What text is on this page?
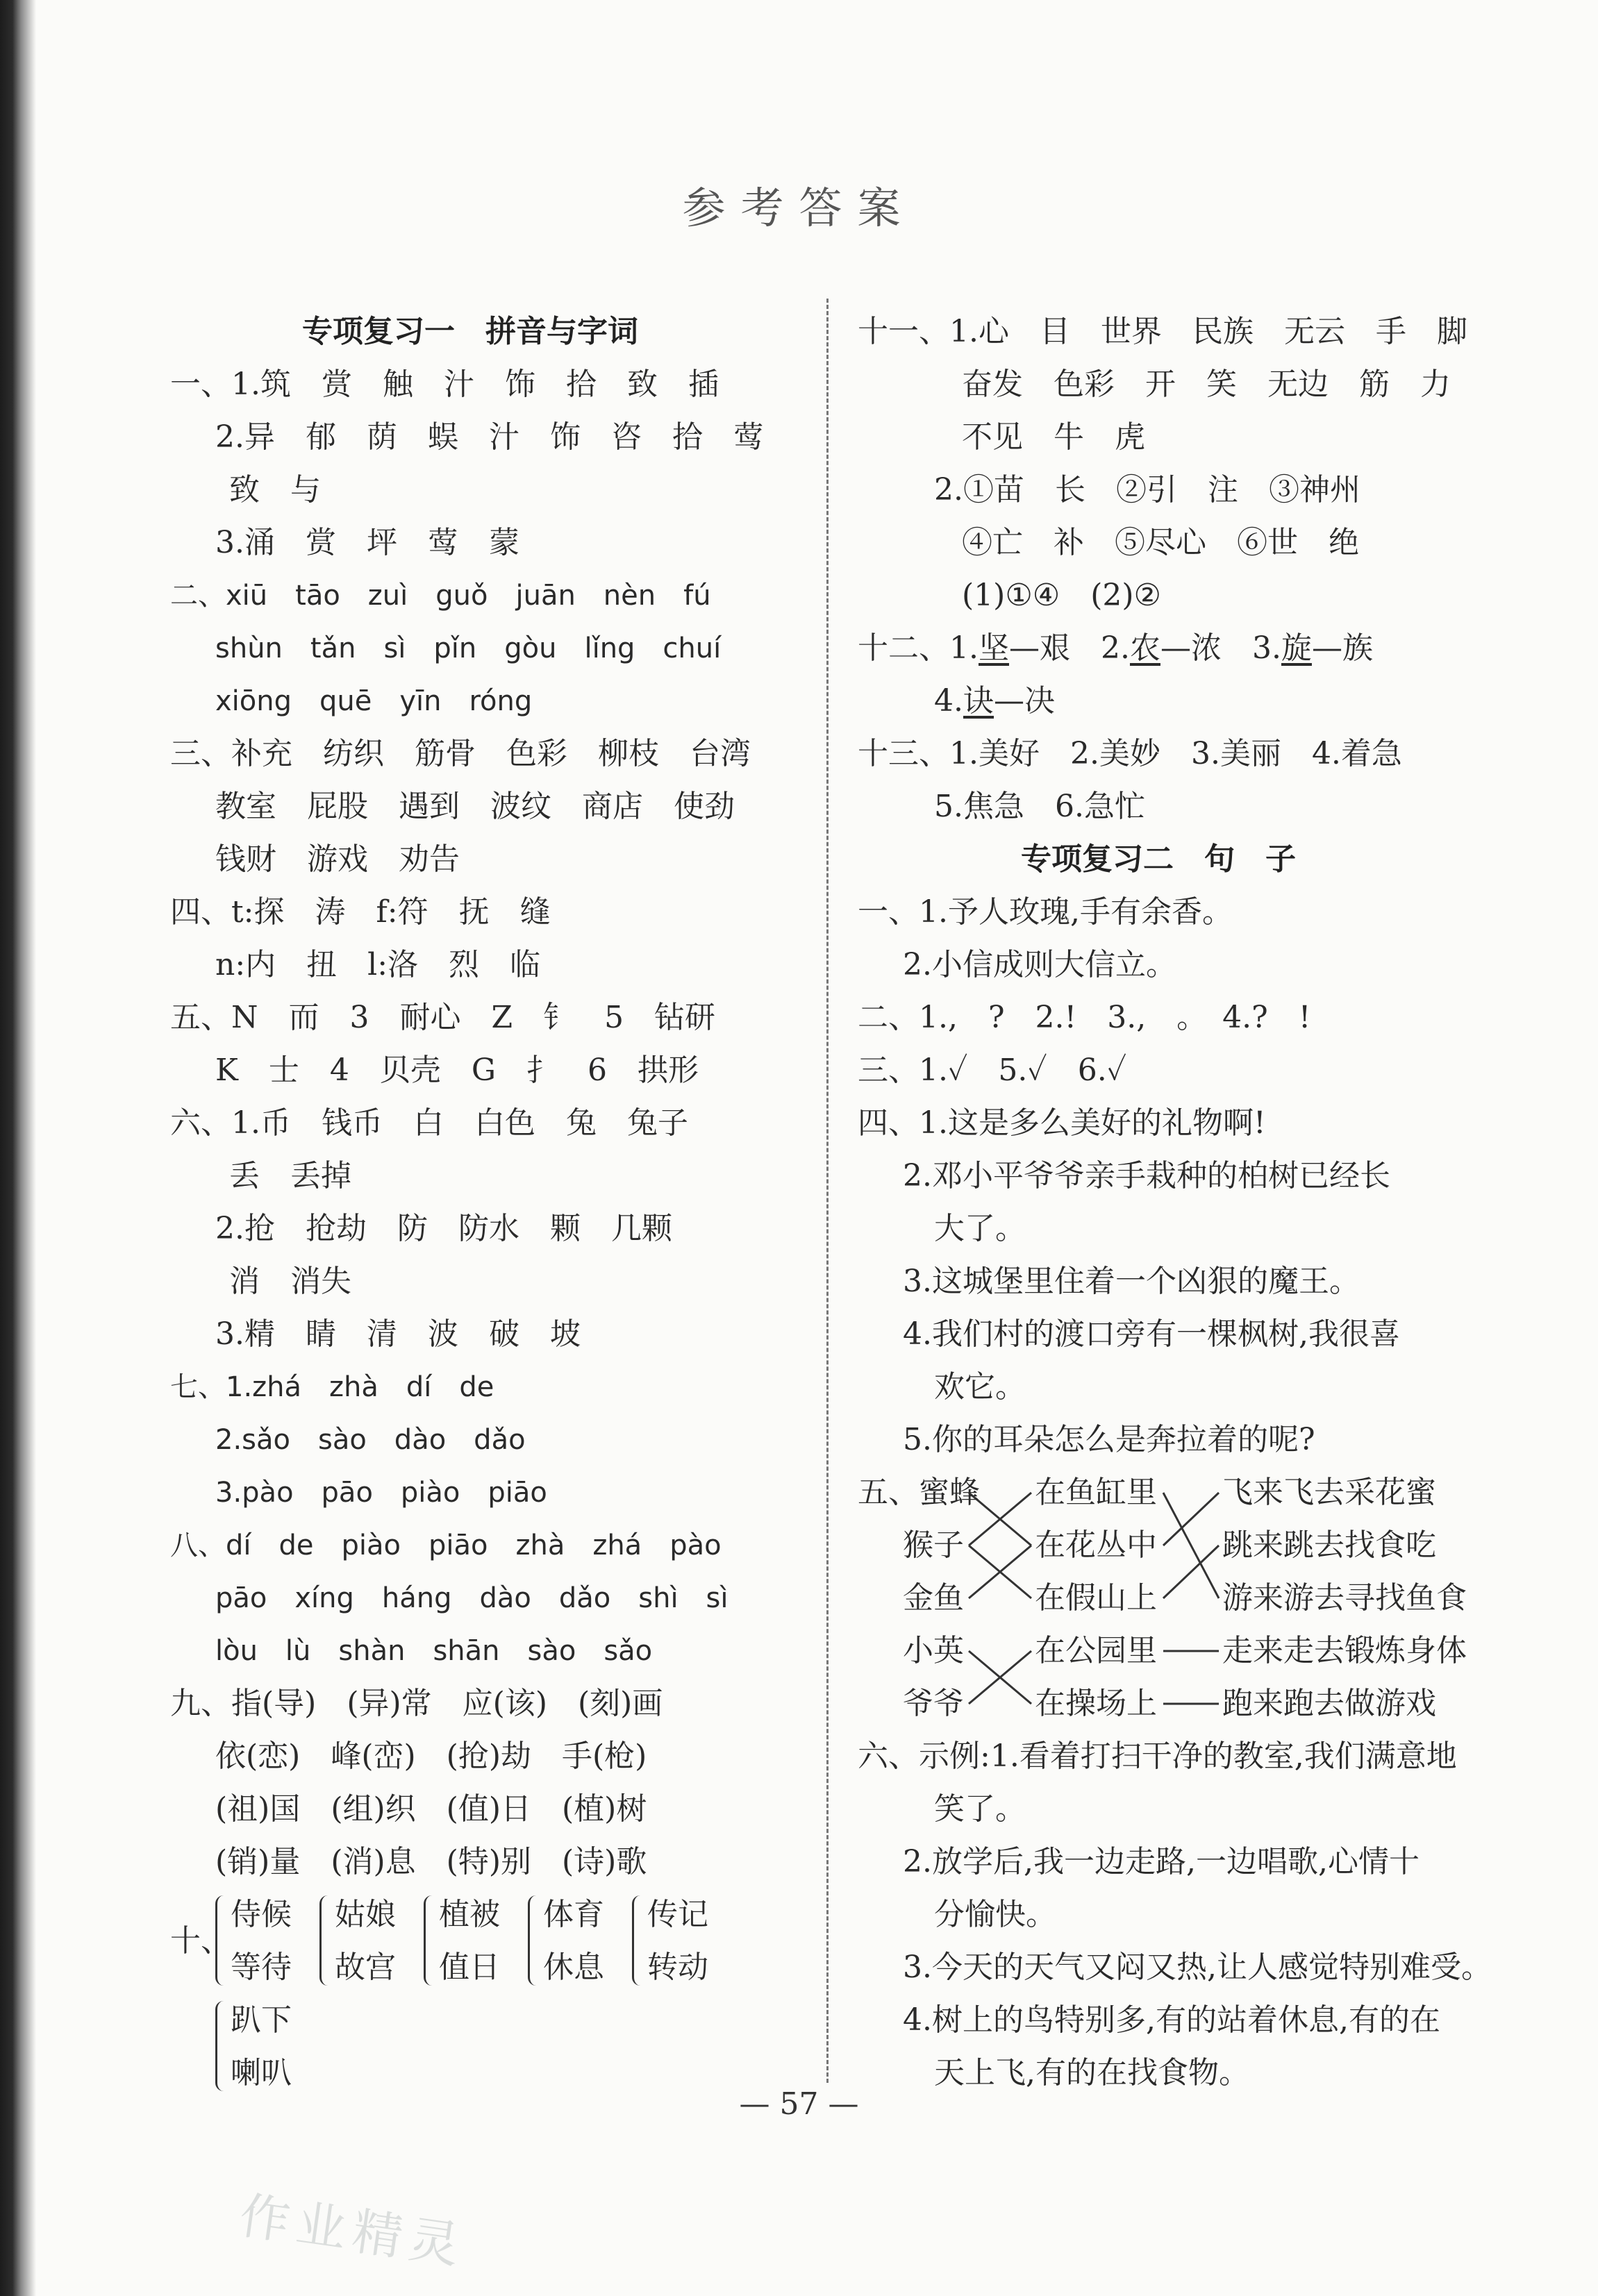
参考答案
专项复习一　拼音与字词
一、1.筑　赏　触　汁　饰　拾　致　插
2.异　郁　荫　蜈　汁　饰　咨　拾　莺
致　与
3.涌　赏　坪　莺　蒙
二、xiū　tāo　zuì　guǒ　juān　nèn　fú
shùn　tǎn　sì　pǐn　gòu　lǐng　chuí
xiōng　quē　yīn　róng
三、补充　纺织　筋骨　色彩　柳枝　台湾
教室　屁股　遇到　波纹　商店　使劲
钱财　游戏　劝告
四、t:探　涛　f:符　抚　缝
n:内　扭　l:洛　烈　临
五、N　而　3　耐心　Z　钅　5　钻研
K　士　4　贝壳　G　扌　6　拱形
六、1.币　钱币　白　白色　兔　兔子
丢　丢掉
2.抢　抢劫　防　防水　颗　几颗
消　消失
3.精　睛　清　波　破　坡
七、1.zhá　zhà　dí　de
2.sǎo　sào　dào　dǎo
3.pào　pāo　piào　piāo
八、dí　de　piào　piāo　zhà　zhá　pào
pāo　xíng　háng　dào　dǎo　shì　sì
lòu　lù　shàn　shān　sào　sǎo
九、指(导)　(异)常　应(该)　(刻)画
依(恋)　峰(峦)　(抢)劫　手(枪)
(祖)国　(组)织　(值)日　(植)树
(销)量　(消)息　(特)别　(诗)歌
十、
侍候
等待

姑娘
故宫

植被
值日

体育
休息

传记
转动
趴下
喇叭
十一、1.心　目　世界　民族　无云　手　脚
奋发　色彩　开　笑　无边　筋　力
不见　牛　虎
2.①苗　长　②引　注　③神州
④亡　补　⑤尽心　⑥世　绝
(1)①④　(2)②
十二、1.坚—艰　2.农—浓　3.旋—族
4.诀—决
十三、1.美好　2.美妙　3.美丽　4.着急
5.焦急　6.急忙
专项复习二　句　子
一、1.予人玫瑰,手有余香。
2.小信成则大信立。
二、1.,　?　2.!　3.,　。　4.?　!
三、1.✓　5.✓　6.✓
四、1.这是多么美好的礼物啊!
2.邓小平爷爷亲手栽种的柏树已经长
大了。
3.这城堡里住着一个凶狠的魔王。
4.我们村的渡口旁有一棵枫树,我很喜
欢它。
5.你的耳朵怎么是奔拉着的呢?
五、蜜蜂
猴子
金鱼
小英
爷爷
在鱼缸里
在花丛中
在假山上
在公园里
在操场上
飞来飞去采花蜜
跳来跳去找食吃
游来游去寻找鱼食
走来走去锻炼身体
跑来跑去做游戏
六、示例:1.看着打扫干净的教室,我们满意地
笑了。
2.放学后,我一边走路,一边唱歌,心情十
分愉快。
3.今天的天气又闷又热,让人感觉特别难受。
4.树上的鸟特别多,有的站着休息,有的在
天上飞,有的在找食物。
— 57 —
作业精灵
